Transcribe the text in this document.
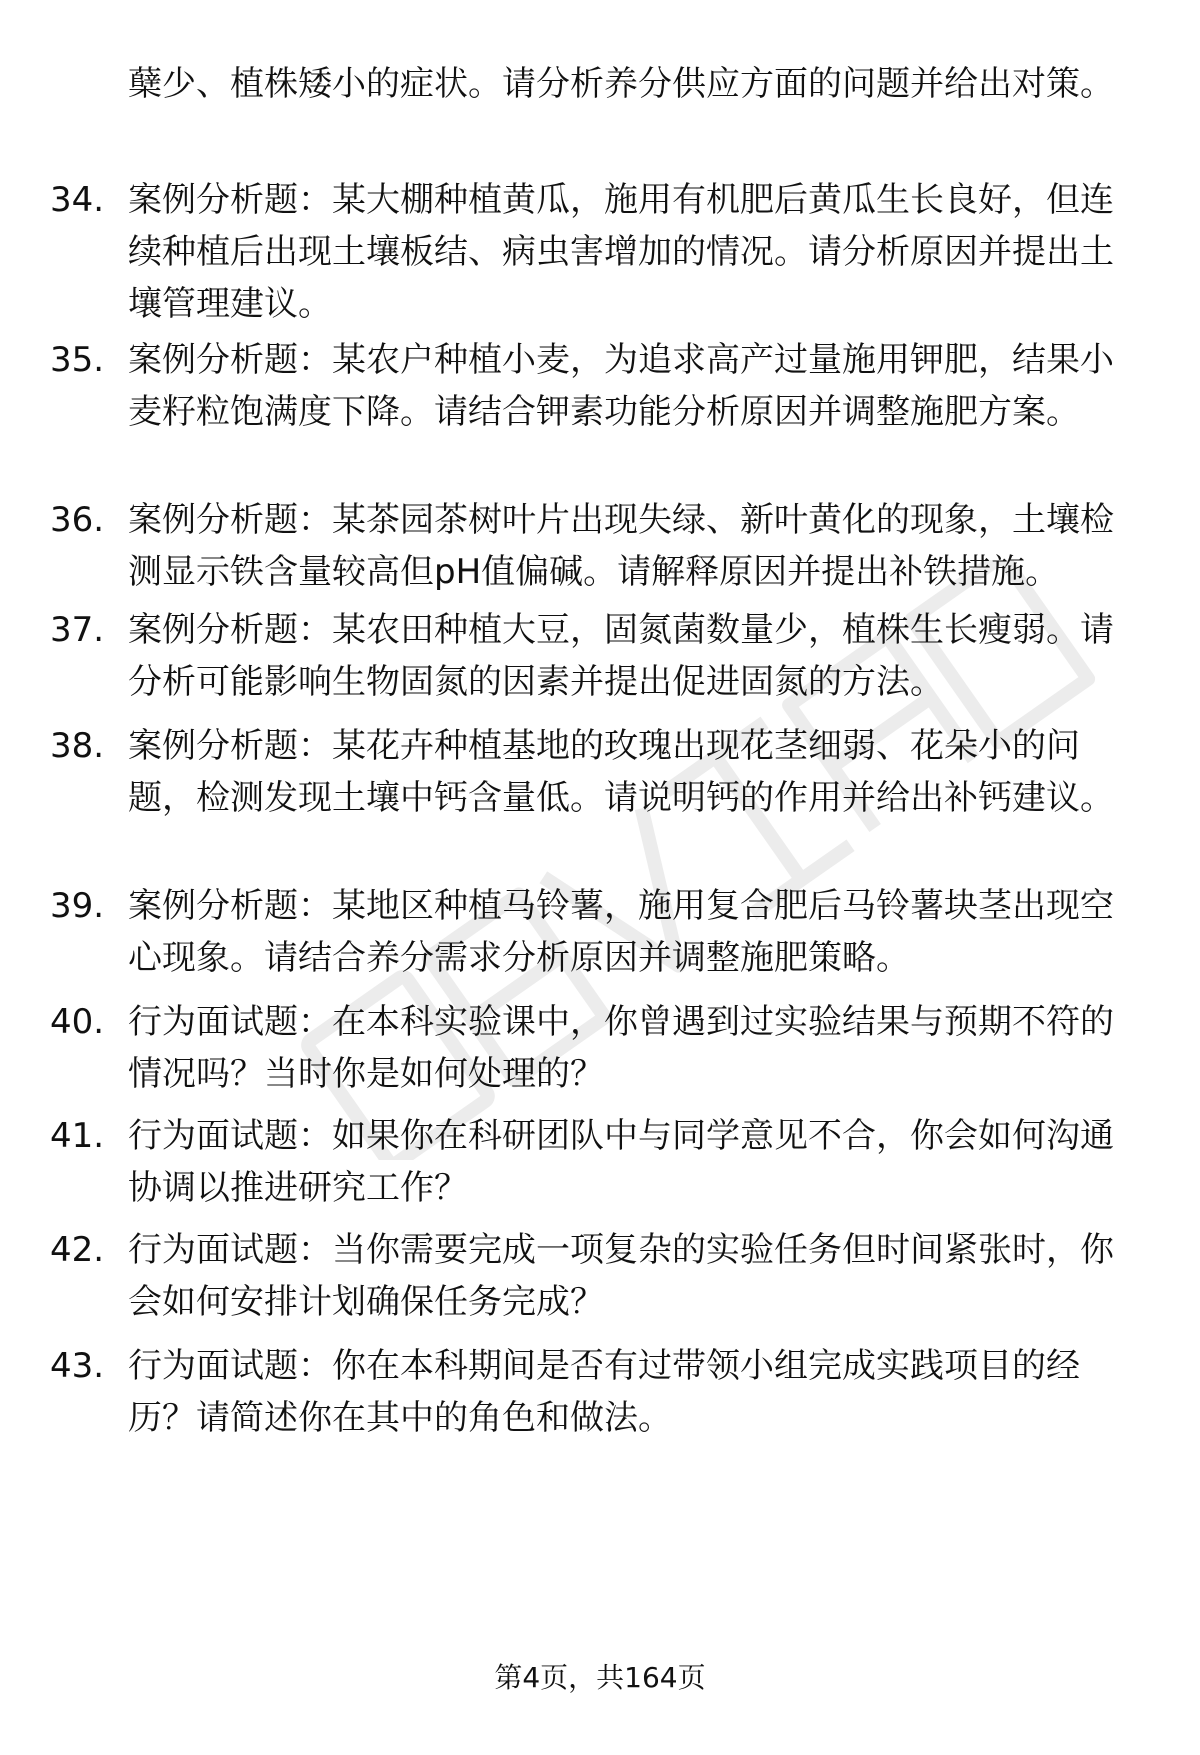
蘖少、植株矮小的症状。请分析养分供应方面的问题并给出对策。
34. 案例分析题：某大棚种植黄瓜，施用有机肥后黄瓜生长良好，但连续种植后出现土壤板结、病虫害增加的情况。请分析原因并提出土壤管理建议。
35. 案例分析题：某农户种植小麦，为追求高产过量施用钾肥，结果小麦籽粒饱满度下降。请结合钾素功能分析原因并调整施肥方案。
36. 案例分析题：某茶园茶树叶片出现失绿、新叶黄化的现象，土壤检测显示铁含量较高但pH值偏碱。请解释原因并提出补铁措施。
37. 案例分析题：某农田种植大豆，固氮菌数量少，植株生长瘦弱。请分析可能影响生物固氮的因素并提出促进固氮的方法。
38. 案例分析题：某花卉种植基地的玫瑰出现花茎细弱、花朵小的问题，检测发现土壤中钙含量低。请说明钙的作用并给出补钙建议。
39. 案例分析题：某地区种植马铃薯，施用复合肥后马铃薯块茎出现空心现象。请结合养分需求分析原因并调整施肥策略。
40. 行为面试题：在本科实验课中，你曾遇到过实验结果与预期不符的情况吗？当时你是如何处理的？
41. 行为面试题：如果你在科研团队中与同学意见不合，你会如何沟通协调以推进研究工作？
42. 行为面试题：当你需要完成一项复杂的实验任务但时间紧张时，你会如何安排计划确保任务完成？
43. 行为面试题：你在本科期间是否有过带领小组完成实践项目的经历？请简述你在其中的角色和做法。
第4页，共164页
